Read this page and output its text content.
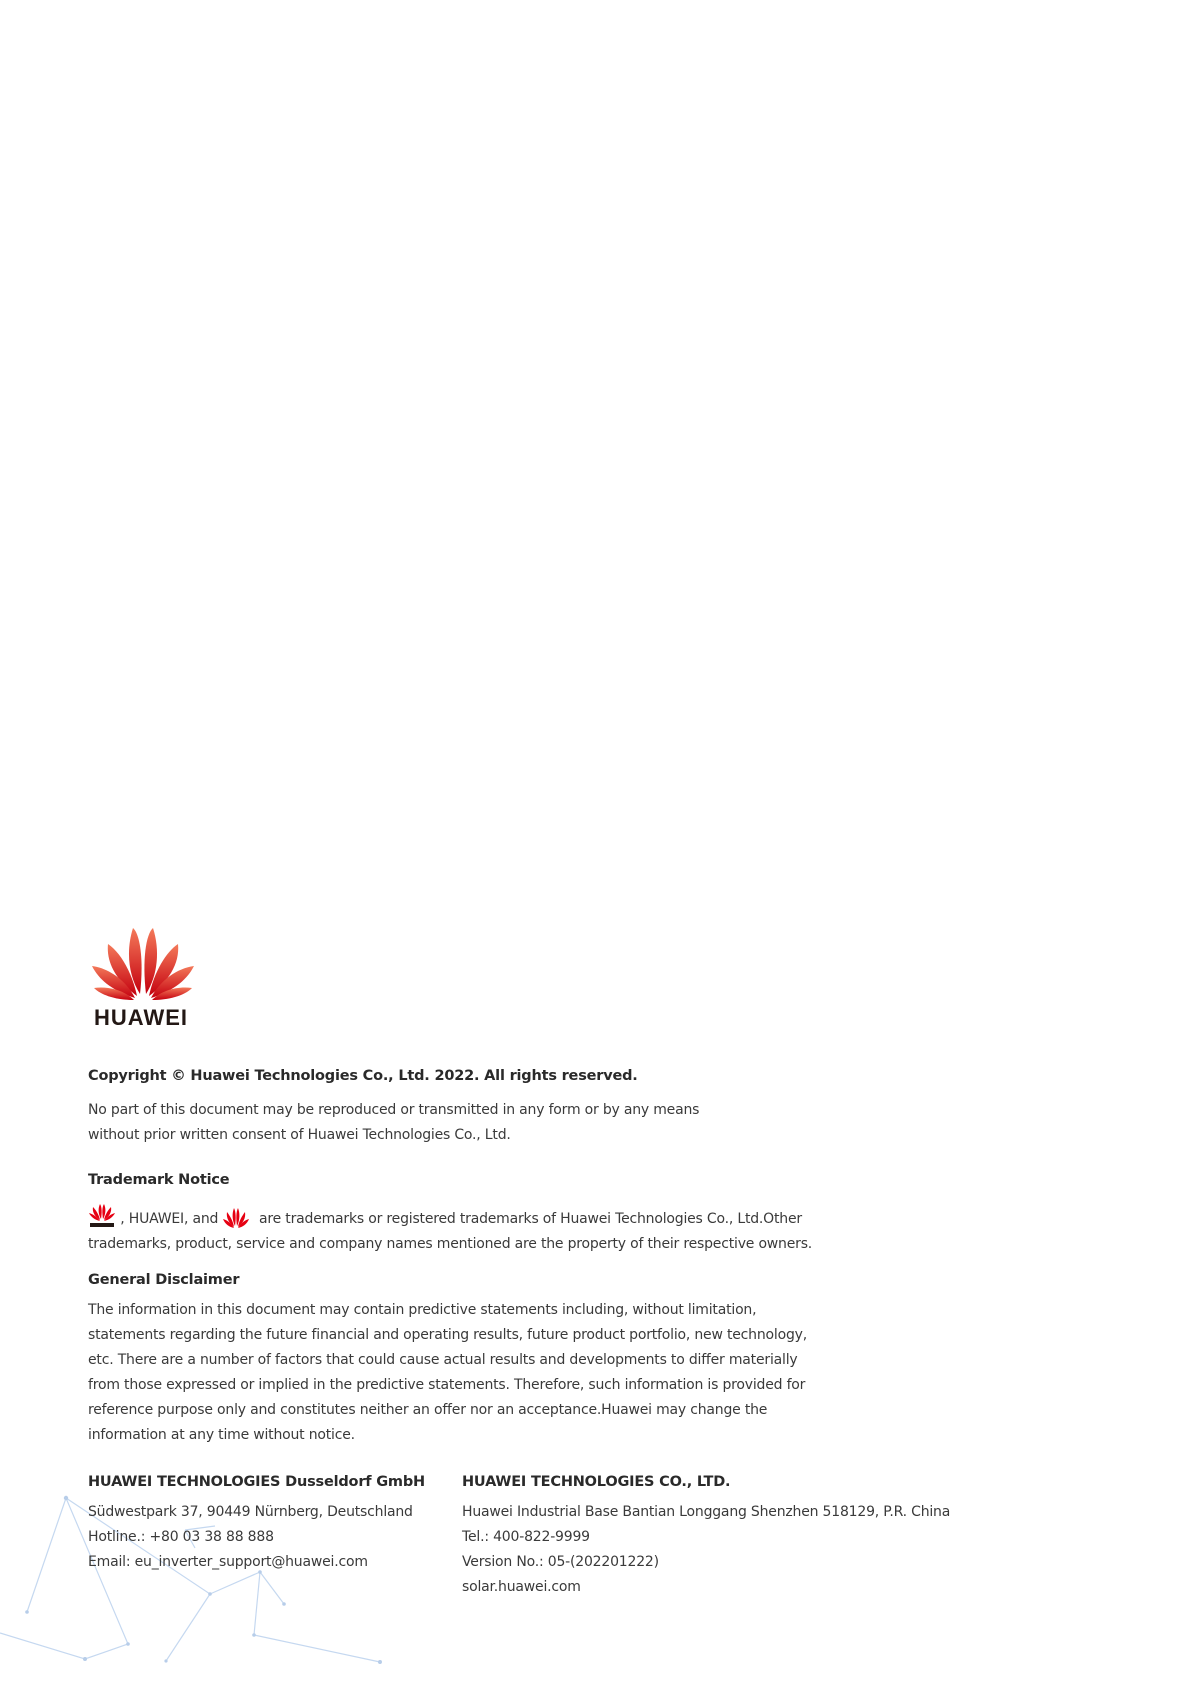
HUAWEI
Copyright © Huawei Technologies Co., Ltd. 2022. All rights reserved.
No part of this document may be reproduced or transmitted in any form or by any means
without prior written consent of Huawei Technologies Co., Ltd.
Trademark Notice
, HUAWEI, and	are trademarks or registered trademarks of Huawei Technologies Co., Ltd.Other
trademarks, product, service and company names mentioned are the property of their respective owners.
General Disclaimer
The information in this document may contain predictive statements including, without limitation,
statements regarding the future financial and operating results, future product portfolio, new technology,
etc. There are a number of factors that could cause actual results and developments to differ materially
from those expressed or implied in the predictive statements. Therefore, such information is provided for
reference purpose only and constitutes neither an offer nor an acceptance.Huawei may change the
information at any time without notice.
HUAWEI TECHNOLOGIES Dusseldorf GmbH
Südwestpark 37, 90449 Nürnberg, Deutschland
Hotline.: +80 03 38 88 888
Email: eu_inverter_support@huawei.com
HUAWEI TECHNOLOGIES CO., LTD.
Huawei Industrial Base Bantian Longgang Shenzhen 518129, P.R. China
Tel.: 400-822-9999
Version No.: 05-(202201222)
solar.huawei.com
